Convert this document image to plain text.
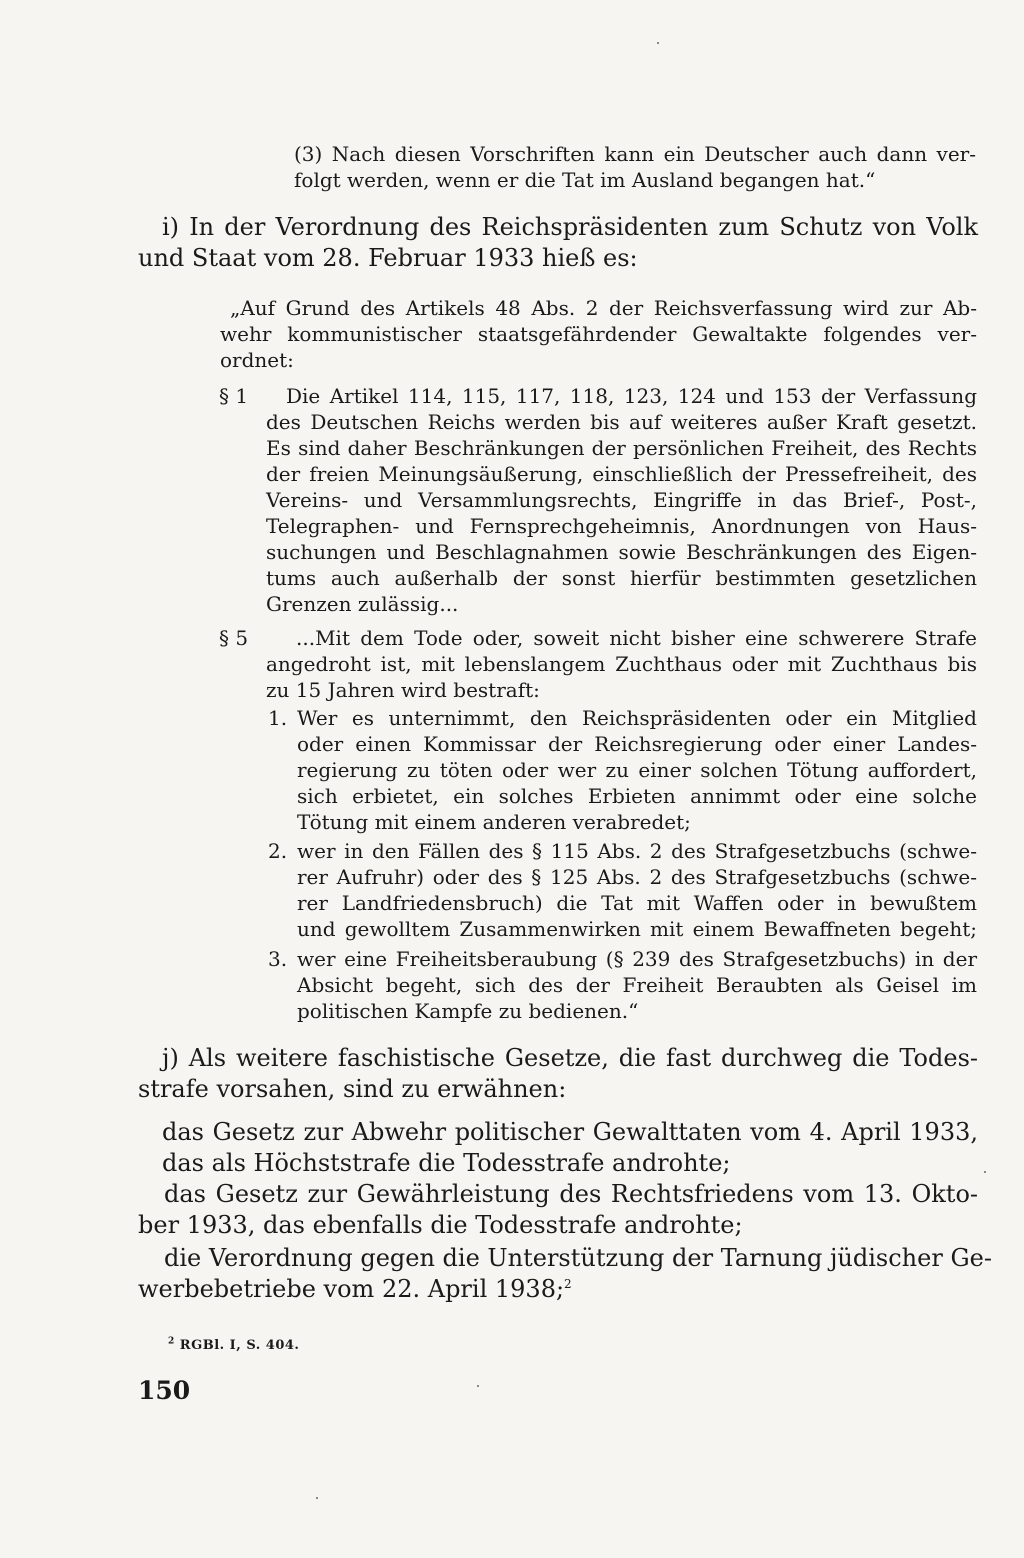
(3) Nach diesen Vorschriften kann ein Deutscher auch dann ver-
folgt werden, wenn er die Tat im Ausland begangen hat.“
i) In der Verordnung des Reichspräsidenten zum Schutz von Volk
und Staat vom 28. Februar 1933 hieß es:
„Auf Grund des Artikels 48 Abs. 2 der Reichsverfassung wird zur Ab-
wehr kommunistischer staatsgefährdender Gewaltakte folgendes ver-
ordnet:
§ 1	Die Artikel 114, 115, 117, 118, 123, 124 und 153 der Verfassung
des Deutschen Reichs werden bis auf weiteres außer Kraft gesetzt.
Es sind daher Beschränkungen der persönlichen Freiheit, des Rechts
der freien Meinungsäußerung, einschließlich der Pressefreiheit, des
Vereins- und Versammlungsrechts, Eingriffe in das Brief-, Post-,
Telegraphen- und Fernsprechgeheimnis, Anordnungen von Haus-
suchungen und Beschlagnahmen sowie Beschränkungen des Eigen-
tums auch außerhalb der sonst hierfür bestimmten gesetzlichen
Grenzen zulässig...
§ 5	...Mit dem Tode oder, soweit nicht bisher eine schwerere Strafe
angedroht ist, mit lebenslangem Zuchthaus oder mit Zuchthaus bis
zu 15 Jahren wird bestraft:
1. Wer es unternimmt, den Reichspräsidenten oder ein Mitglied
oder einen Kommissar der Reichsregierung oder einer Landes-
regierung zu töten oder wer zu einer solchen Tötung auffordert,
sich erbietet, ein solches Erbieten annimmt oder eine solche
Tötung mit einem anderen verabredet;
2. wer in den Fällen des § 115 Abs. 2 des Strafgesetzbuchs (schwe-
rer Aufruhr) oder des § 125 Abs. 2 des Strafgesetzbuchs (schwe-
rer Landfriedensbruch) die Tat mit Waffen oder in bewußtem
und gewolltem Zusammenwirken mit einem Bewaffneten begeht;
3. wer eine Freiheitsberaubung (§ 239 des Strafgesetzbuchs) in der
Absicht begeht, sich des der Freiheit Beraubten als Geisel im
politischen Kampfe zu bedienen.“
j) Als weitere faschistische Gesetze, die fast durchweg die Todes-
strafe vorsahen, sind zu erwähnen:
das Gesetz zur Abwehr politischer Gewalttaten vom 4. April 1933,
das als Höchststrafe die Todesstrafe androhte;
das Gesetz zur Gewährleistung des Rechtsfriedens vom 13. Okto-
ber 1933, das ebenfalls die Todesstrafe androhte;
die Verordnung gegen die Unterstützung der Tarnung jüdischer Ge-
werbebetriebe vom 22. April 1938;$^2$
$^2$ RGBl. I, S. 404.
150
